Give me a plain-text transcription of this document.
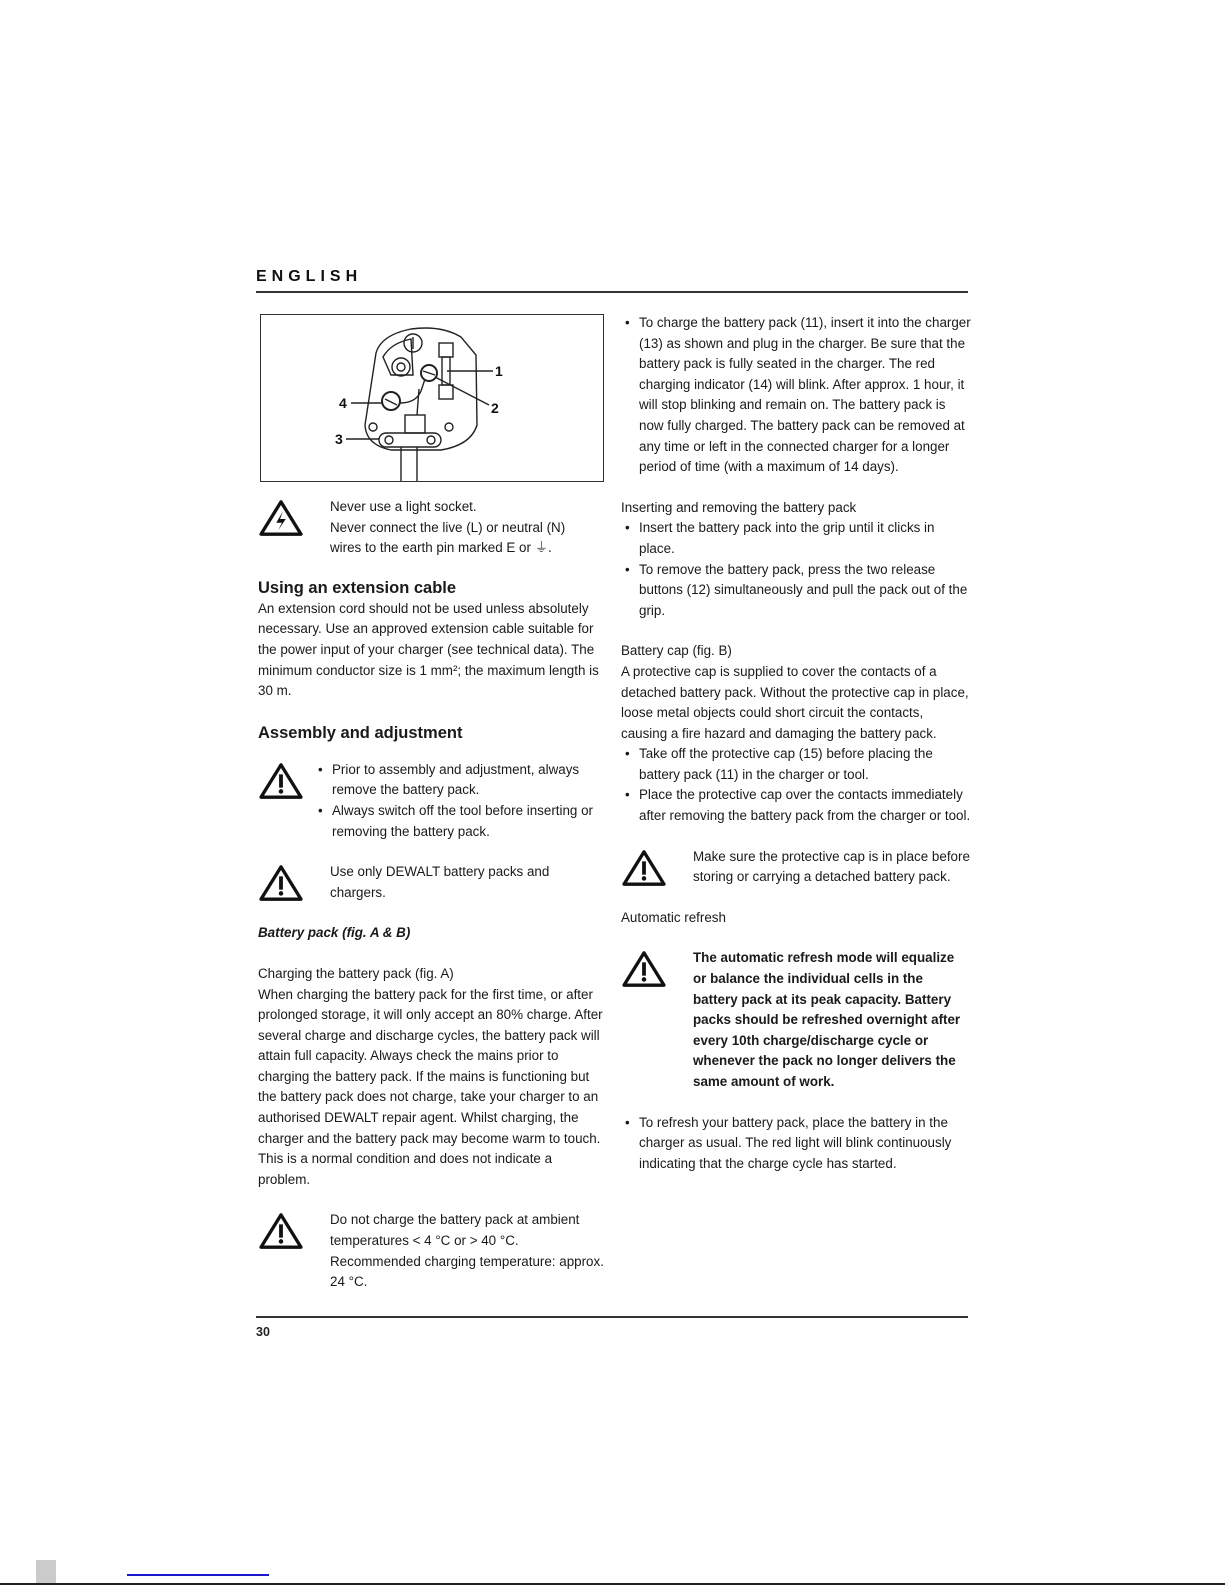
ENGLISH
1
2
3
4

Never use a light socket.

Never connect the live (L) or neutral (N)

wires to the earth pin marked E or ⏚.

Using an extension cable

An extension cord should not be used unless absolutely necessary. Use an approved extension cable suitable for the power input of your charger (see technical data). The minimum conductor size is 1 mm²; the maximum length is 30 m.

Assembly and adjustment

• Prior to assembly and adjustment, always remove the battery pack.

• Always switch off the tool before inserting or removing the battery pack.

Use only DEWALT battery packs and chargers.

Battery pack (fig. A & B)

Charging the battery pack (fig. A)

When charging the battery pack for the first time, or after prolonged storage, it will only accept an 80% charge. After several charge and discharge cycles, the battery pack will attain full capacity. Always check the mains prior to charging the battery pack. If the mains is functioning but the battery pack does not charge, take your charger to an authorised DEWALT repair agent. Whilst charging, the charger and the battery pack may become warm to touch. This is a normal condition and does not indicate a problem.

Do not charge the battery pack at ambient temperatures < 4 °C or > 40 °C. Recommended charging temperature: approx. 24 °C.

• To charge the battery pack (11), insert it into the charger (13) as shown and plug in the charger. Be sure that the battery pack is fully seated in the charger. The red charging indicator (14) will blink. After approx. 1 hour, it will stop blinking and remain on. The battery pack is now fully charged. The battery pack can be removed at any time or left in the connected charger for a longer period of time (with a maximum of 14 days).

Inserting and removing the battery pack

• Insert the battery pack into the grip until it clicks in place.

• To remove the battery pack, press the two release buttons (12) simultaneously and pull the pack out of the grip.

Battery cap (fig. B)

A protective cap is supplied to cover the contacts of a detached battery pack. Without the protective cap in place, loose metal objects could short circuit the contacts, causing a fire hazard and damaging the battery pack.

• Take off the protective cap (15) before placing the battery pack (11) in the charger or tool.

• Place the protective cap over the contacts immediately after removing the battery pack from the charger or tool.

Make sure the protective cap is in place before storing or carrying a detached battery pack.

Automatic refresh

The automatic refresh mode will equalize or balance the individual cells in the battery pack at its peak capacity. Battery packs should be refreshed overnight after every 10th charge/discharge cycle or whenever the pack no longer delivers the same amount of work.

• To refresh your battery pack, place the battery in the charger as usual. The red light will blink continuously indicating that the charge cycle has started.

30
